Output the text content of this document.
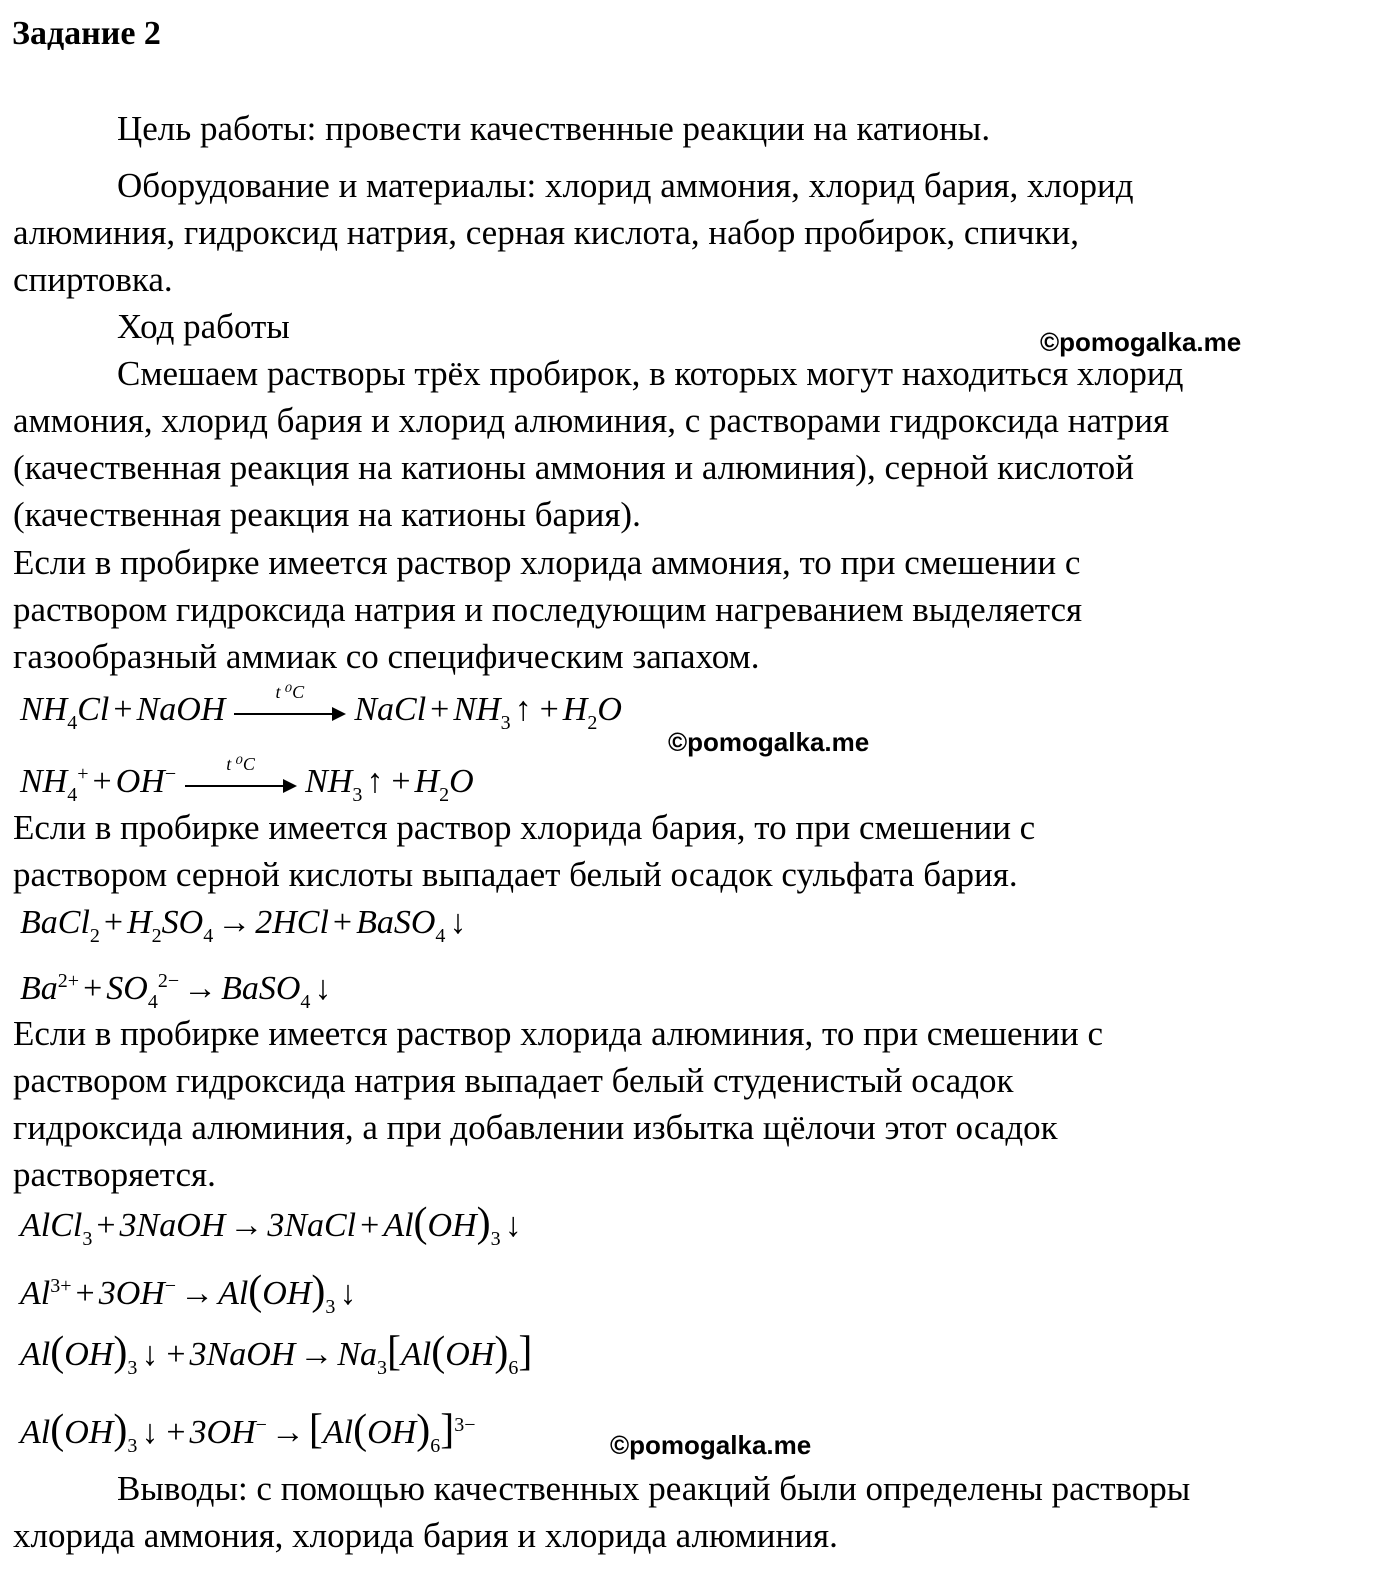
Задание 2

Цель работы: провести качественные реакции на катионы.

Оборудование и материалы: хлорид аммония, хлорид бария, хлорид

алюминия, гидроксид натрия, серная кислота, набор пробирок, спички,

спиртовка.

Ход работы

Смешаем растворы трёх пробирок, в которых могут находиться хлорид

аммония, хлорид бария и хлорид алюминия, с растворами гидроксида натрия

(качественная реакция на катионы аммония и алюминия), серной кислотой

(качественная реакция на катионы бария).

Если в пробирке имеется раствор хлорида аммония, то при смешении с

раствором гидроксида натрия и последующим нагреванием выделяется

газообразный аммиак со специфическим запахом.

$NH_4Cl$ + NaOH	t ⁰C	NaCl + $NH_3$ ↑ + $H_2O$
$NH_4^+ + OH^-$	t ⁰C	$NH_3$ ↑ + $H_2O$

Если в пробирке имеется раствор хлорида бария, то при смешении с

раствором серной кислоты выпадает белый осадок сульфата бария.

BaCl$_2$ + $H_2SO_4 \to 2HCl$ + BaSO$_4$ ↓
$Ba^{2+} + SO_4^{2-}$ → BaSO$_4$ ↓

Если в пробирке имеется раствор хлорида алюминия, то при смешении с

раствором гидроксида натрия выпадает белый студенистый осадок

гидроксида алюминия, а при добавлении избытка щёлочи этот осадок

растворяется.

AlCl$_3$ + 3NaOH → 3NaCl + $Al(OH)_3$ ↓
$Al^{3+} + 3OH^- \to Al(OH)_3$ ↓
$Al(OH)_3$ ↓ + 3NaOH → $Na_3[Al(OH)_6]$
$Al(OH)_3$ ↓ + $3OH^- \to[Al(OH)_6]^{3-}$

Выводы: с помощью качественных реакций были определены растворы

хлорида аммония, хлорида бария и хлорида алюминия.

©pomogalka.me
©pomogalka.me
©pomogalka.me
